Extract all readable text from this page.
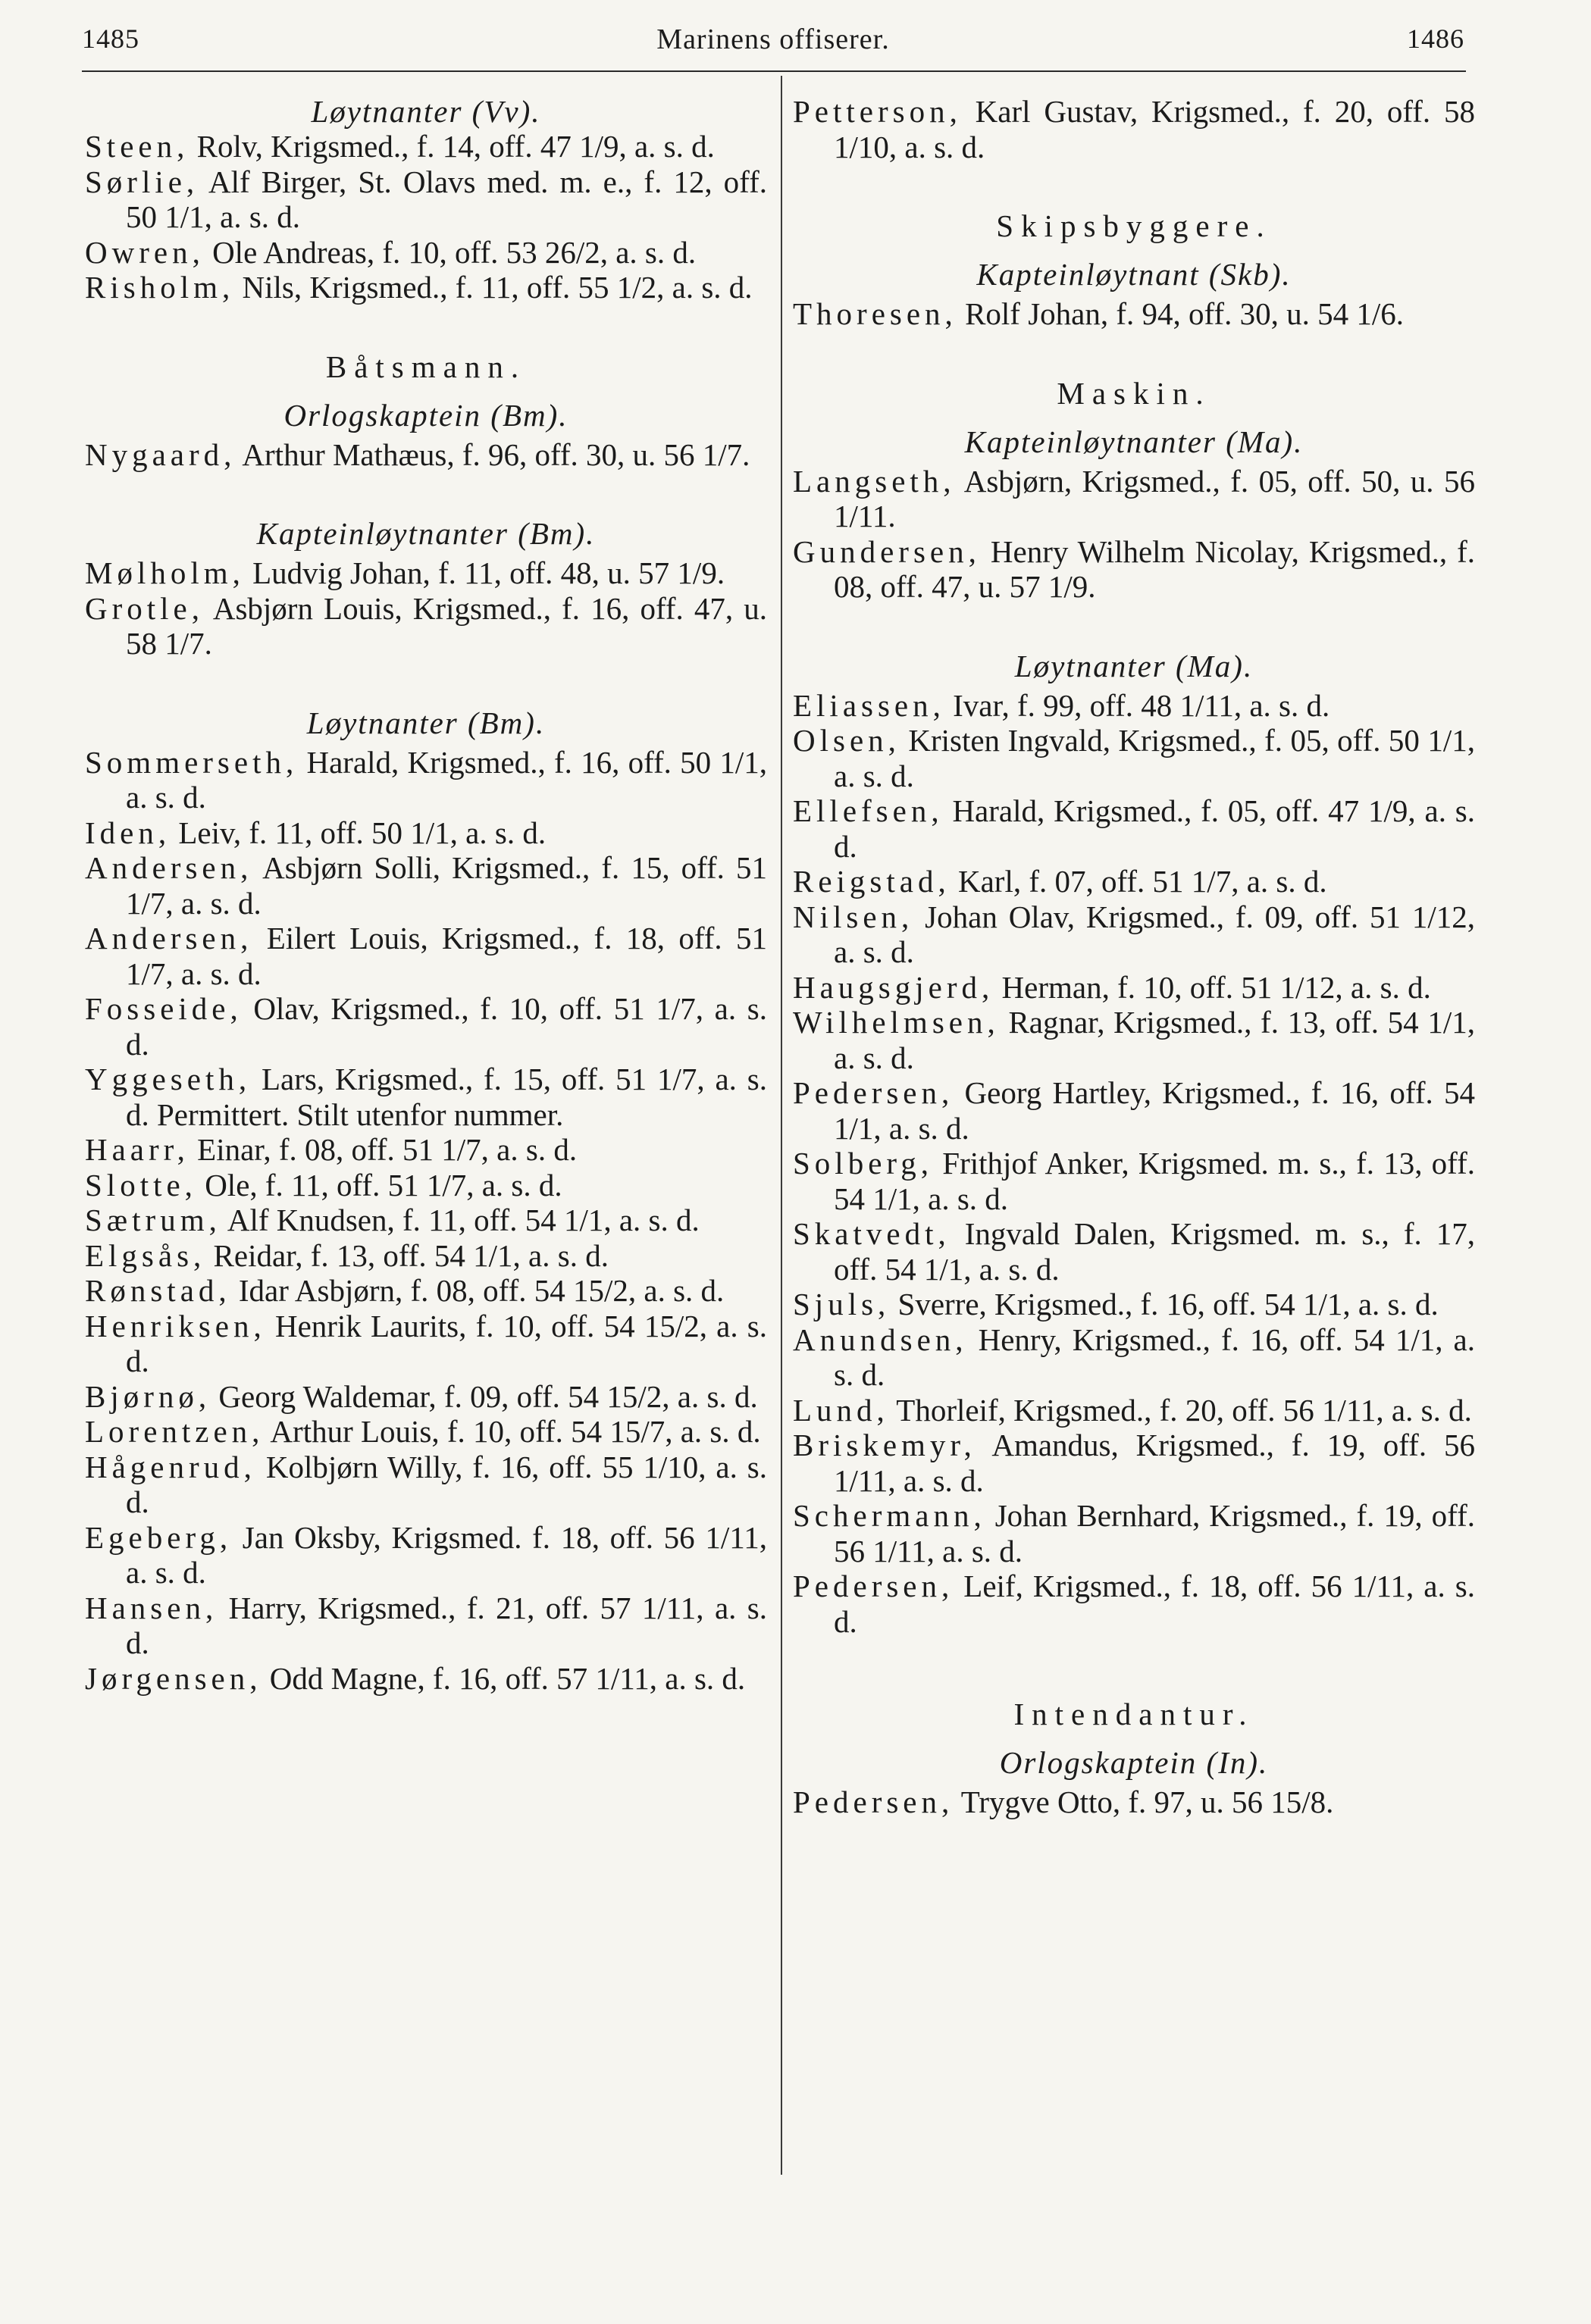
1485	Marinens offiserer.	1486

Løytnanter (Vv).

Steen, Rolv, Krigsmed., f. 14, off. 47 1/9, a. s. d.

Sørlie, Alf Birger, St. Olavs med. m. e., f. 12, off. 50 1/1, a. s. d.

Owren, Ole Andreas, f. 10, off. 53 26/2, a. s. d.

Risholm, Nils, Krigsmed., f. 11, off. 55 1/2, a. s. d.

Båtsmann.

Orlogskaptein (Bm).

Nygaard, Arthur Mathæus, f. 96, off. 30, u. 56 1/7.

Kapteinløytnanter (Bm).

Mølholm, Ludvig Johan, f. 11, off. 48, u. 57 1/9.

Grotle, Asbjørn Louis, Krigsmed., f. 16, off. 47, u. 58 1/7.

Løytnanter (Bm).

Sommerseth, Harald, Krigsmed., f. 16, off. 50 1/1, a. s. d.

Iden, Leiv, f. 11, off. 50 1/1, a. s. d.

Andersen, Asbjørn Solli, Krigsmed., f. 15, off. 51 1/7, a. s. d.

Andersen, Eilert Louis, Krigsmed., f. 18, off. 51 1/7, a. s. d.

Fosseide, Olav, Krigsmed., f. 10, off. 51 1/7, a. s. d.

Yggeseth, Lars, Krigsmed., f. 15, off. 51 1/7, a. s. d. Permittert. Stilt utenfor nummer.

Haarr, Einar, f. 08, off. 51 1/7, a. s. d.

Slotte, Ole, f. 11, off. 51 1/7, a. s. d.

Sætrum, Alf Knudsen, f. 11, off. 54 1/1, a. s. d.

Elgsås, Reidar, f. 13, off. 54 1/1, a. s. d.

Rønstad, Idar Asbjørn, f. 08, off. 54 15/2, a. s. d.

Henriksen, Henrik Laurits, f. 10, off. 54 15/2, a. s. d.

Bjørnø, Georg Waldemar, f. 09, off. 54 15/2, a. s. d.

Lorentzen, Arthur Louis, f. 10, off. 54 15/7, a. s. d.

Hågenrud, Kolbjørn Willy, f. 16, off. 55 1/10, a. s. d.

Egeberg, Jan Oksby, Krigsmed. f. 18, off. 56 1/11, a. s. d.

Hansen, Harry, Krigsmed., f. 21, off. 57 1/11, a. s. d.

Jørgensen, Odd Magne, f. 16, off. 57 1/11, a. s. d.

Petterson, Karl Gustav, Krigsmed., f. 20, off. 58 1/10, a. s. d.

Skipsbyggere.

Kapteinløytnant (Skb).

Thoresen, Rolf Johan, f. 94, off. 30, u. 54 1/6.

Maskin.

Kapteinløytnanter (Ma).

Langseth, Asbjørn, Krigsmed., f. 05, off. 50, u. 56 1/11.

Gundersen, Henry Wilhelm Nicolay, Krigsmed., f. 08, off. 47, u. 57 1/9.

Løytnanter (Ma).

Eliassen, Ivar, f. 99, off. 48 1/11, a. s. d.

Olsen, Kristen Ingvald, Krigsmed., f. 05, off. 50 1/1, a. s. d.

Ellefsen, Harald, Krigsmed., f. 05, off. 47 1/9, a. s. d.

Reigstad, Karl, f. 07, off. 51 1/7, a. s. d.

Nilsen, Johan Olav, Krigsmed., f. 09, off. 51 1/12, a. s. d.

Haugsgjerd, Herman, f. 10, off. 51 1/12, a. s. d.

Wilhelmsen, Ragnar, Krigsmed., f. 13, off. 54 1/1, a. s. d.

Pedersen, Georg Hartley, Krigsmed., f. 16, off. 54 1/1, a. s. d.

Solberg, Frithjof Anker, Krigsmed. m. s., f. 13, off. 54 1/1, a. s. d.

Skatvedt, Ingvald Dalen, Krigsmed. m. s., f. 17, off. 54 1/1, a. s. d.

Sjuls, Sverre, Krigsmed., f. 16, off. 54 1/1, a. s. d.

Anundsen, Henry, Krigsmed., f. 16, off. 54 1/1, a. s. d.

Lund, Thorleif, Krigsmed., f. 20, off. 56 1/11, a. s. d.

Briskemyr, Amandus, Krigsmed., f. 19, off. 56 1/11, a. s. d.

Schermann, Johan Bernhard, Krigsmed., f. 19, off. 56 1/11, a. s. d.

Pedersen, Leif, Krigsmed., f. 18, off. 56 1/11, a. s. d.

Intendantur.

Orlogskaptein (In).

Pedersen, Trygve Otto, f. 97, u. 56 15/8.
